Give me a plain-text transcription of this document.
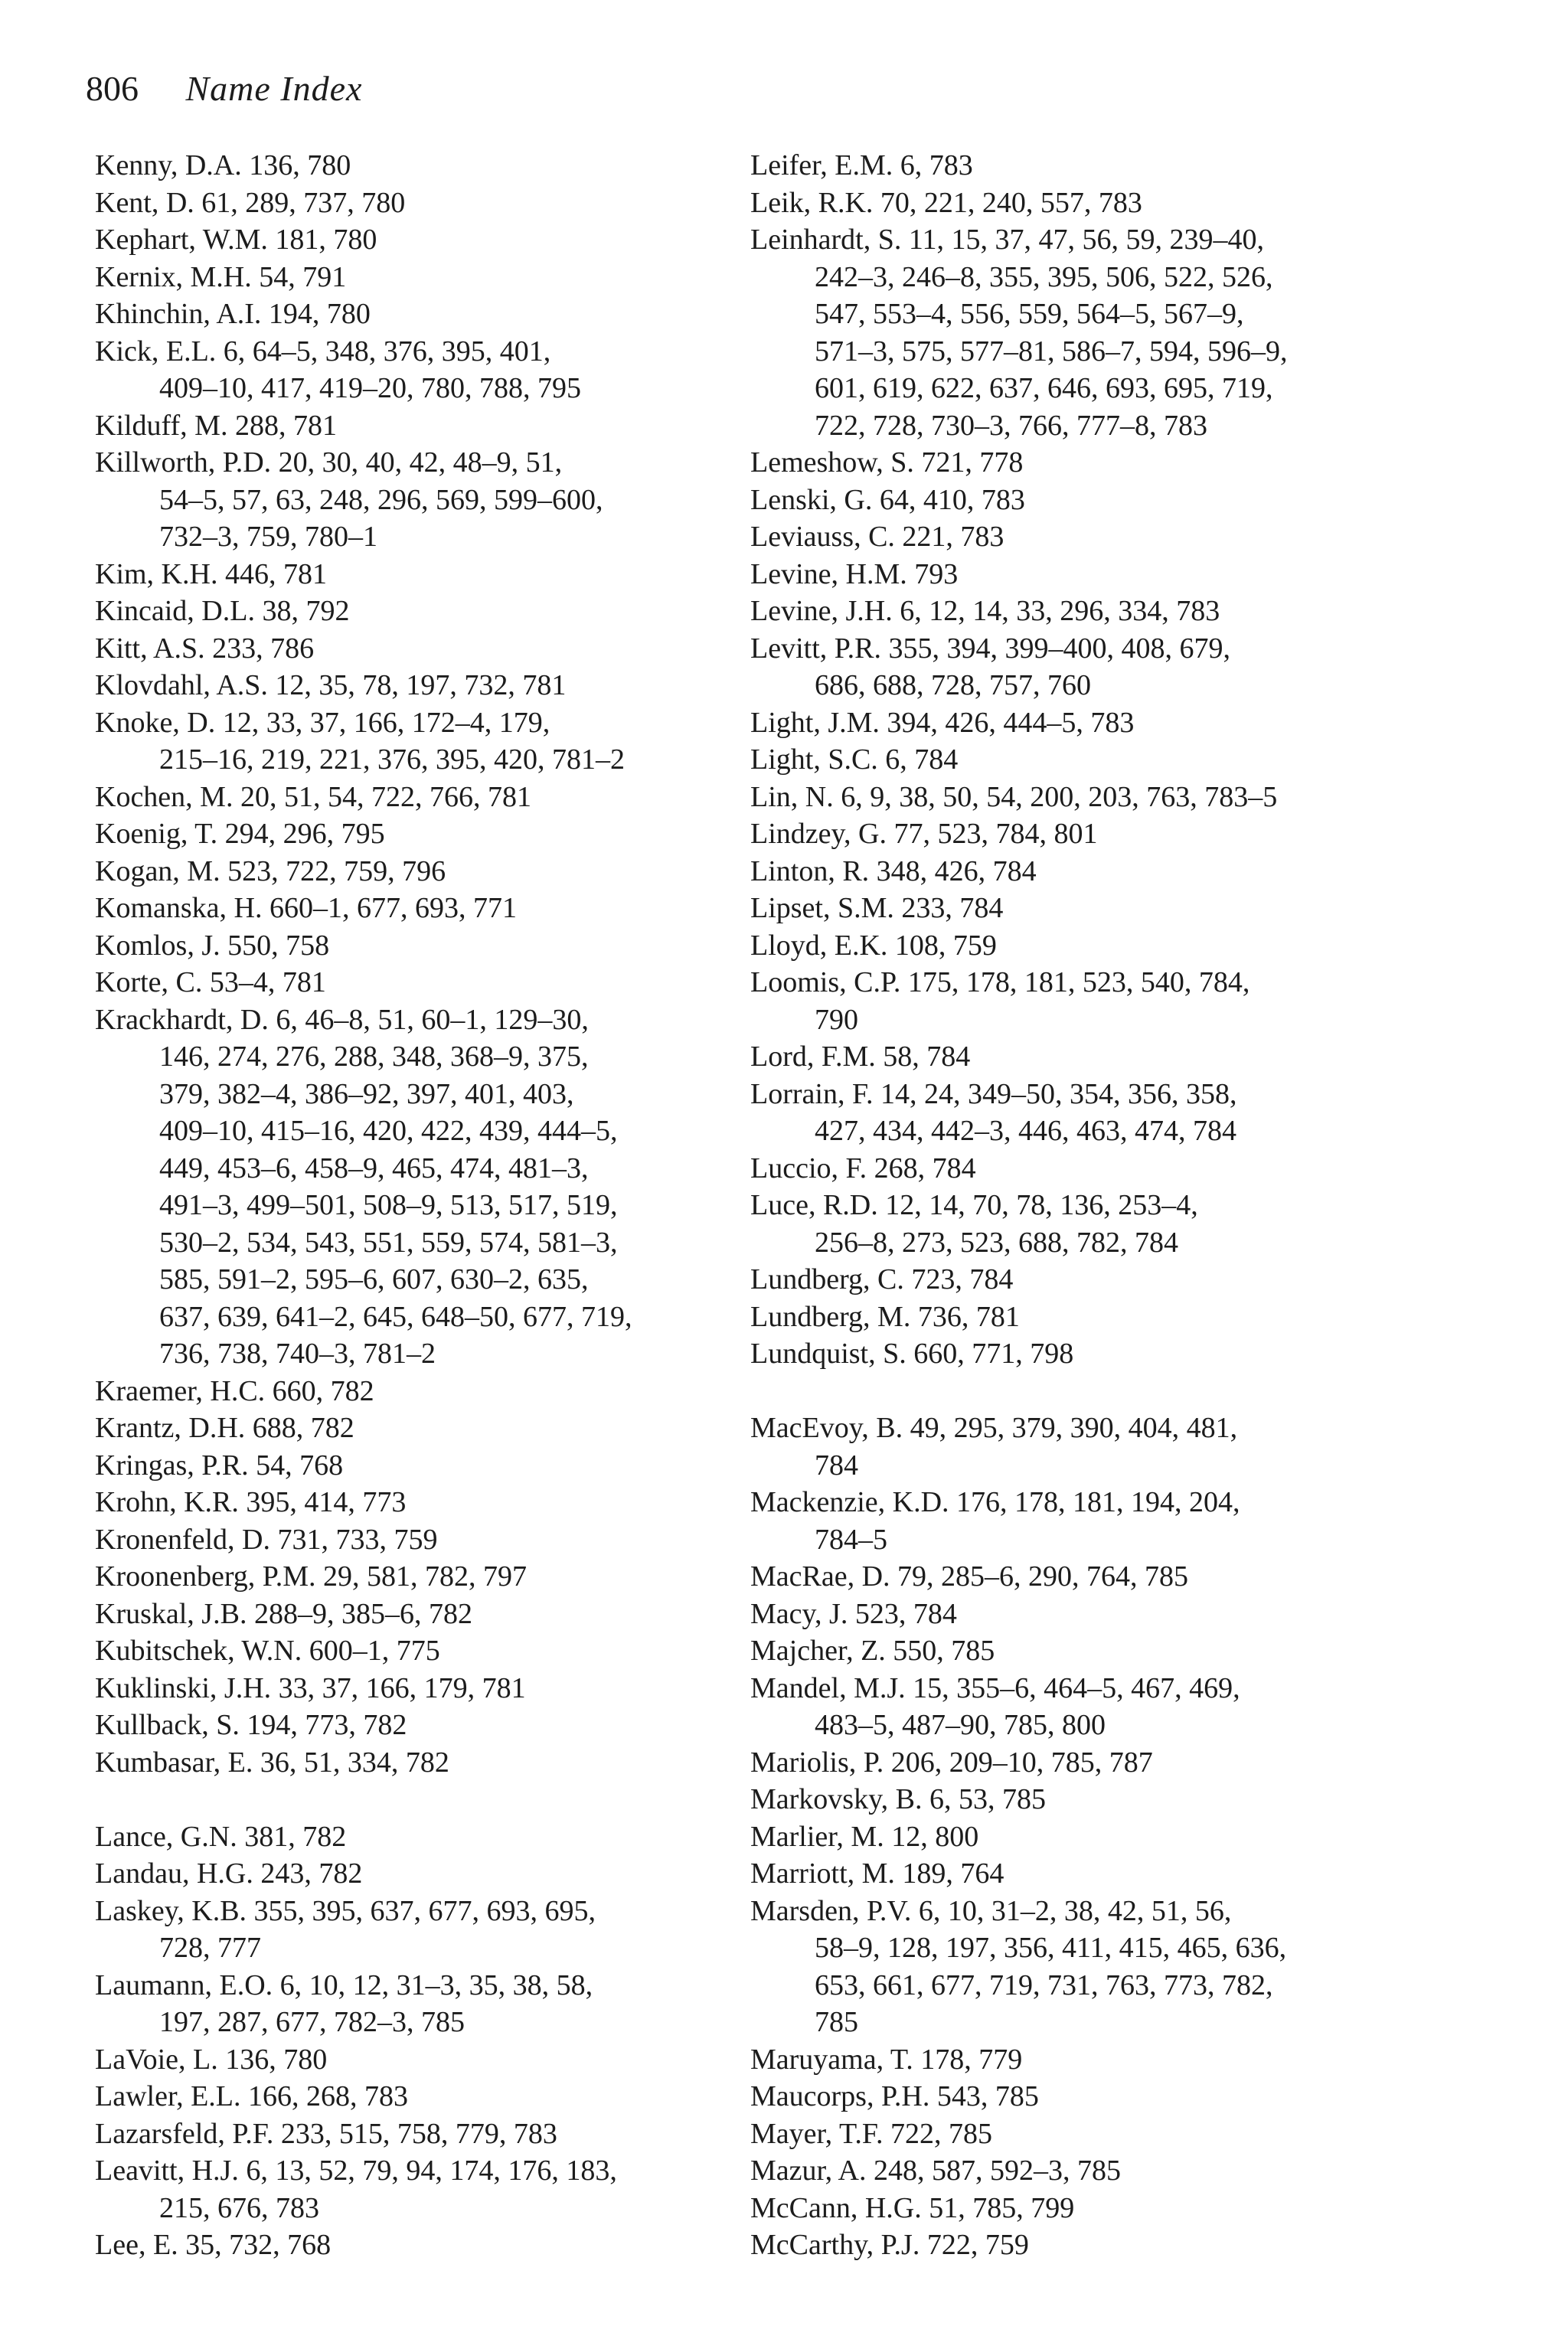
806 Name Index
Kenny, D.A. 136, 780
Kent, D. 61, 289, 737, 780
Kephart, W.M. 181, 780
Kernix, M.H. 54, 791
Khinchin, A.I. 194, 780
Kick, E.L. 6, 64–5, 348, 376, 395, 401,
409–10, 417, 419–20, 780, 788, 795
Kilduff, M. 288, 781
Killworth, P.D. 20, 30, 40, 42, 48–9, 51,
54–5, 57, 63, 248, 296, 569, 599–600,
732–3, 759, 780–1
Kim, K.H. 446, 781
Kincaid, D.L. 38, 792
Kitt, A.S. 233, 786
Klovdahl, A.S. 12, 35, 78, 197, 732, 781
Knoke, D. 12, 33, 37, 166, 172–4, 179,
215–16, 219, 221, 376, 395, 420, 781–2
Kochen, M. 20, 51, 54, 722, 766, 781
Koenig, T. 294, 296, 795
Kogan, M. 523, 722, 759, 796
Komanska, H. 660–1, 677, 693, 771
Komlos, J. 550, 758
Korte, C. 53–4, 781
Krackhardt, D. 6, 46–8, 51, 60–1, 129–30,
146, 274, 276, 288, 348, 368–9, 375,
379, 382–4, 386–92, 397, 401, 403,
409–10, 415–16, 420, 422, 439, 444–5,
449, 453–6, 458–9, 465, 474, 481–3,
491–3, 499–501, 508–9, 513, 517, 519,
530–2, 534, 543, 551, 559, 574, 581–3,
585, 591–2, 595–6, 607, 630–2, 635,
637, 639, 641–2, 645, 648–50, 677, 719,
736, 738, 740–3, 781–2
Kraemer, H.C. 660, 782
Krantz, D.H. 688, 782
Kringas, P.R. 54, 768
Krohn, K.R. 395, 414, 773
Kronenfeld, D. 731, 733, 759
Kroonenberg, P.M. 29, 581, 782, 797
Kruskal, J.B. 288–9, 385–6, 782
Kubitschek, W.N. 600–1, 775
Kuklinski, J.H. 33, 37, 166, 179, 781
Kullback, S. 194, 773, 782
Kumbasar, E. 36, 51, 334, 782
Lance, G.N. 381, 782
Landau, H.G. 243, 782
Laskey, K.B. 355, 395, 637, 677, 693, 695,
728, 777
Laumann, E.O. 6, 10, 12, 31–3, 35, 38, 58,
197, 287, 677, 782–3, 785
LaVoie, L. 136, 780
Lawler, E.L. 166, 268, 783
Lazarsfeld, P.F. 233, 515, 758, 779, 783
Leavitt, H.J. 6, 13, 52, 79, 94, 174, 176, 183,
215, 676, 783
Lee, E. 35, 732, 768
Leifer, E.M. 6, 783
Leik, R.K. 70, 221, 240, 557, 783
Leinhardt, S. 11, 15, 37, 47, 56, 59, 239–40,
242–3, 246–8, 355, 395, 506, 522, 526,
547, 553–4, 556, 559, 564–5, 567–9,
571–3, 575, 577–81, 586–7, 594, 596–9,
601, 619, 622, 637, 646, 693, 695, 719,
722, 728, 730–3, 766, 777–8, 783
Lemeshow, S. 721, 778
Lenski, G. 64, 410, 783
Leviauss, C. 221, 783
Levine, H.M. 793
Levine, J.H. 6, 12, 14, 33, 296, 334, 783
Levitt, P.R. 355, 394, 399–400, 408, 679,
686, 688, 728, 757, 760
Light, J.M. 394, 426, 444–5, 783
Light, S.C. 6, 784
Lin, N. 6, 9, 38, 50, 54, 200, 203, 763, 783–5
Lindzey, G. 77, 523, 784, 801
Linton, R. 348, 426, 784
Lipset, S.M. 233, 784
Lloyd, E.K. 108, 759
Loomis, C.P. 175, 178, 181, 523, 540, 784,
790
Lord, F.M. 58, 784
Lorrain, F. 14, 24, 349–50, 354, 356, 358,
427, 434, 442–3, 446, 463, 474, 784
Luccio, F. 268, 784
Luce, R.D. 12, 14, 70, 78, 136, 253–4,
256–8, 273, 523, 688, 782, 784
Lundberg, C. 723, 784
Lundberg, M. 736, 781
Lundquist, S. 660, 771, 798
MacEvoy, B. 49, 295, 379, 390, 404, 481,
784
Mackenzie, K.D. 176, 178, 181, 194, 204,
784–5
MacRae, D. 79, 285–6, 290, 764, 785
Macy, J. 523, 784
Majcher, Z. 550, 785
Mandel, M.J. 15, 355–6, 464–5, 467, 469,
483–5, 487–90, 785, 800
Mariolis, P. 206, 209–10, 785, 787
Markovsky, B. 6, 53, 785
Marlier, M. 12, 800
Marriott, M. 189, 764
Marsden, P.V. 6, 10, 31–2, 38, 42, 51, 56,
58–9, 128, 197, 356, 411, 415, 465, 636,
653, 661, 677, 719, 731, 763, 773, 782,
785
Maruyama, T. 178, 779
Maucorps, P.H. 543, 785
Mayer, T.F. 722, 785
Mazur, A. 248, 587, 592–3, 785
McCann, H.G. 51, 785, 799
McCarthy, P.J. 722, 759
